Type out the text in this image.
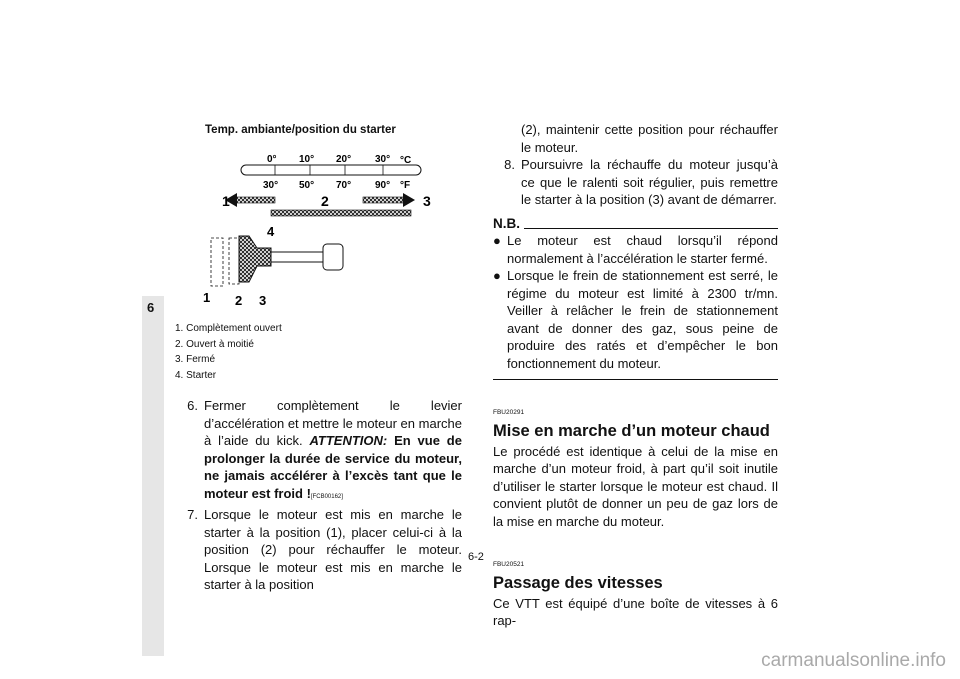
6
Temp. ambiante/position du starter
0° 10° 20° 30° °C
30° 50° 70° 90° °F
1	2	3
4
1 2 3
1. Complètement ouvert
2. Ouvert à moitié
3. Fermé
4. Starter
6. Fermer complètement le levier d’accélération et mettre le moteur en marche à l’aide du kick. ATTENTION: En vue de prolonger la durée de service du moteur, ne jamais accélérer à l’excès tant que le moteur est froid ![FCB00162]
7. Lorsque le moteur est mis en marche le starter à la position (1), placer celui-ci à la position (2) pour réchauffer le moteur. Lorsque le moteur est mis en marche le starter à la position
(2), maintenir cette position pour réchauffer le moteur.
8. Poursuivre la réchauffe du moteur jusqu’à ce que le ralenti soit régulier, puis remettre le starter à la position (3) avant de démarrer.
N.B.
● Le moteur est chaud lorsqu’il répond normalement à l’accélération le starter fermé.
● Lorsque le frein de stationnement est serré, le régime du moteur est limité à 2300 tr/mn. Veiller à relâcher le frein de stationnement avant de donner des gaz, sous peine de produire des ratés et d’empêcher le bon fonctionnement du moteur.
FBU20291
Mise en marche d’un moteur chaud

Le procédé est identique à celui de la mise en marche d’un moteur froid, à part qu’il soit inutile d’utiliser le starter lorsque le moteur est chaud. Il convient plutôt de donner un peu de gaz lors de la mise en marche du moteur.

FBU20521
Passage des vitesses

Ce VTT est équipé d’une boîte de vitesses à 6 rap-

6-2
carmanualsonline.info
